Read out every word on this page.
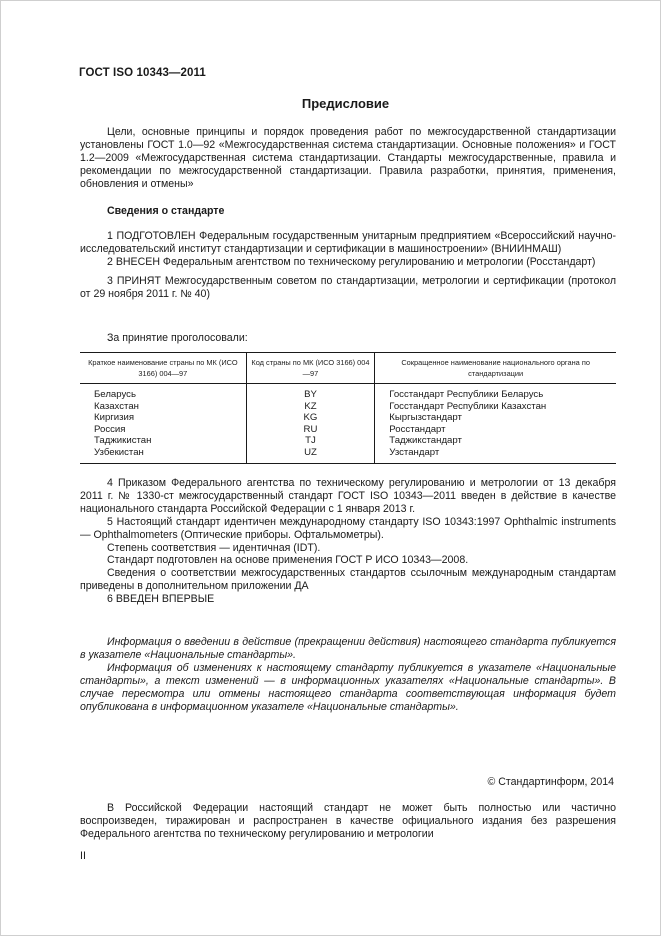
ГОСТ ISO 10343—2011
Предисловие

Цели, основные принципы и порядок проведения работ по межгосударственной стандартизации установлены ГОСТ 1.0—92 «Межгосударственная система стандартизации. Основные положения» и ГОСТ 1.2—2009 «Межгосударственная система стандартизации. Стандарты межгосударственные, правила и рекомендации по межгосударственной стандартизации. Правила разработки, принятия, применения, обновления и отмены»

Сведения о стандарте

1 ПОДГОТОВЛЕН Федеральным государственным унитарным предприятием «Всероссийский научно-исследовательский институт стандартизации и сертификации в машиностроении» (ВНИИНМАШ)

2 ВНЕСЕН Федеральным агентством по техническому регулированию и метрологии (Росстандарт)

3 ПРИНЯТ Межгосударственным советом по стандартизации, метрологии и сертификации (протокол от 29 ноября 2011 г. № 40)

За принятие проголосовали:
Краткое наименование страны по МК (ИСО 3166) 004—97	Код страны по МК (ИСО 3166) 004—97	Сокращенное наименование национального органа по стандартизации
Беларусь	BY	Госстандарт Республики Беларусь
Казахстан	KZ	Госстандарт Республики Казахстан
Киргизия	KG	Кыргызстандарт
Россия	RU	Росстандарт
Таджикистан	TJ	Таджикстандарт
Узбекистан	UZ	Узстандарт

4 Приказом Федерального агентства по техническому регулированию и метрологии от 13 декабря 2011 г. № 1330-ст межгосударственный стандарт ГОСТ ISO 10343—2011 введен в действие в качестве национального стандарта Российской Федерации с 1 января 2013 г.

5 Настоящий стандарт идентичен международному стандарту ISO 10343:1997 Ophthalmic instruments — Ophthalmometers (Оптические приборы. Офтальмометры).

Степень соответствия — идентичная (IDT).

Стандарт подготовлен на основе применения ГОСТ Р ИСО 10343—2008.

Сведения о соответствии межгосударственных стандартов ссылочным международным стандартам приведены в дополнительном приложении ДА

6 ВВЕДЕН ВПЕРВЫЕ

Информация о введении в действие (прекращении действия) настоящего стандарта публикуется в указателе «Национальные стандарты».

Информация об изменениях к настоящему стандарту публикуется в указателе «Национальные стандарты», а текст изменений — в информационных указателях «Национальные стандарты». В случае пересмотра или отмены настоящего стандарта соответствующая информация будет опубликована в информационном указателе «Национальные стандарты».

© Стандартинформ, 2014

В Российской Федерации настоящий стандарт не может быть полностью или частично воспроизведен, тиражирован и распространен в качестве официального издания без разрешения Федерального агентства по техническому регулированию и метрологии

II
